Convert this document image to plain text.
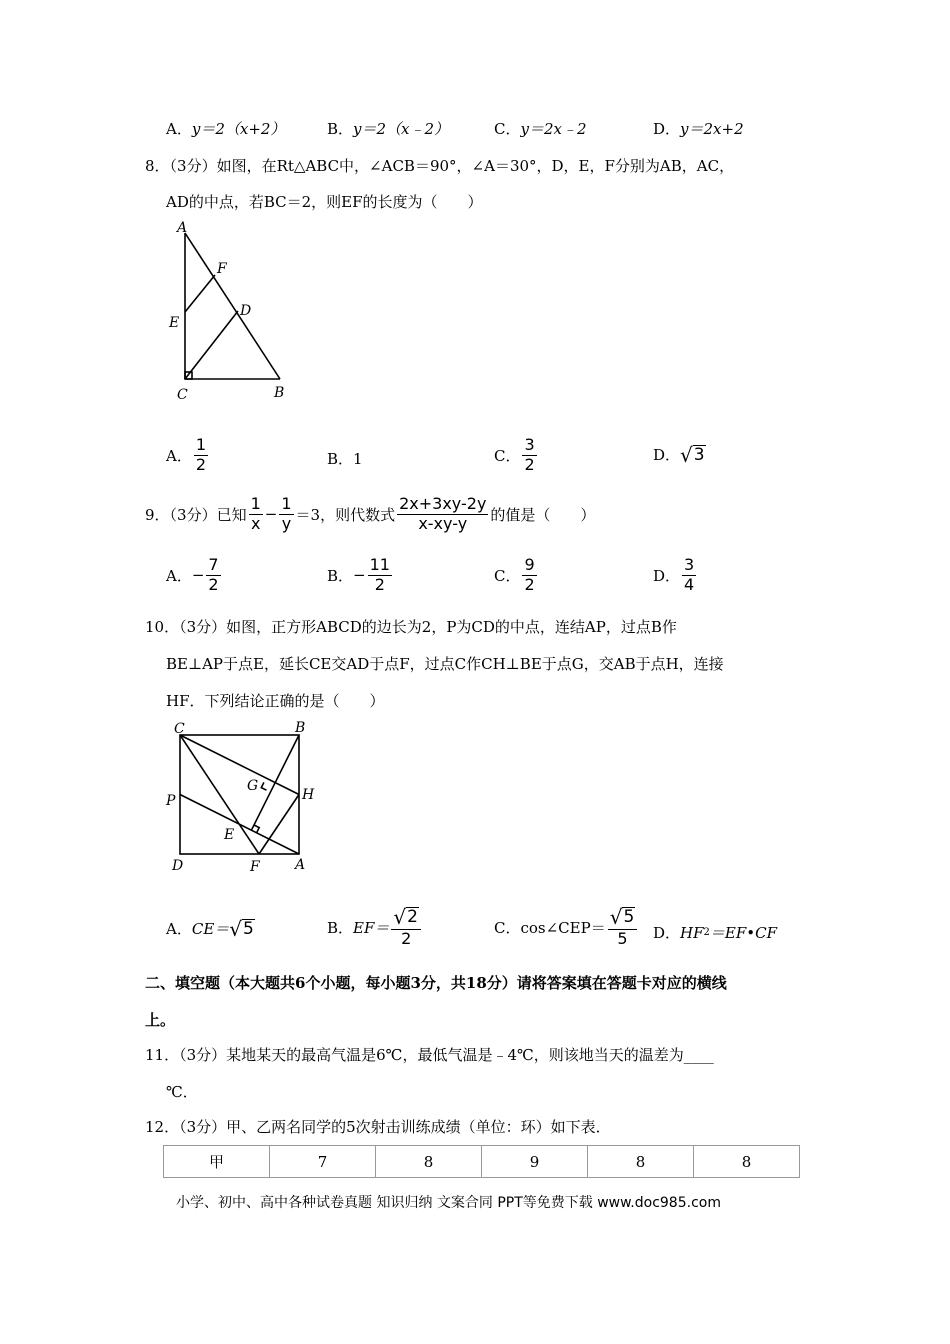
A． y＝2（x+2）	B． y＝2（x﹣2）	C． y＝2x﹣2	D． y＝2x+2
8．（3分）如图，在Rt△ABC中，∠ACB＝90°，∠A＝30°，D，E，F分别为AB，AC，
AD的中点，若BC＝2，则EF的长度为（　　）
A
F
D
E
C	B
A． $\frac{1}{2}$	B． 1	C． $\frac{3}{2}$	D． √ 3
9．（3分）已知 $\frac{1}{x} - \frac{1}{y} =3$，则代数式 $\frac{2x+3xy-2y}{x-xy-y}$ 的值是（　　）
A． − $\frac{7}{2}$	B． − $\frac{11}{2}$	C． $\frac{9}{2}$	D． $\frac{3}{4}$
10．（3分）如图，正方形ABCD的边长为2，P为CD的中点，连结AP，过点B作
BE⊥AP于点E，延长CE交AD于点F，过点C作CH⊥BE于点G，交AB于点H，连接
HF．下列结论正确的是（　　）
C	B
G
H
P
E
D	F	A
A． CE＝ √ 5	B． $EF= \frac{√ 2}{2}$	C． cos∠CEP＝ $\frac{√ 5}{5}$ D． HF 2 ＝EF•CF
二、填空题（本大题共6个小题，每小题3分，共18分）请将答案填在答题卡对应的横线
上。
11．（3分）某地某天的最高气温是6℃，最低气温是﹣4℃，则该地当天的温差为____
℃．
12．（3分）甲、乙两名同学的5次射击训练成绩（单位：环）如下表．
甲	7	8	9	8	8
小学、初中、高中各种试卷真题 知识归纳 文案合同 PPT等免费下载 www.doc985.com
